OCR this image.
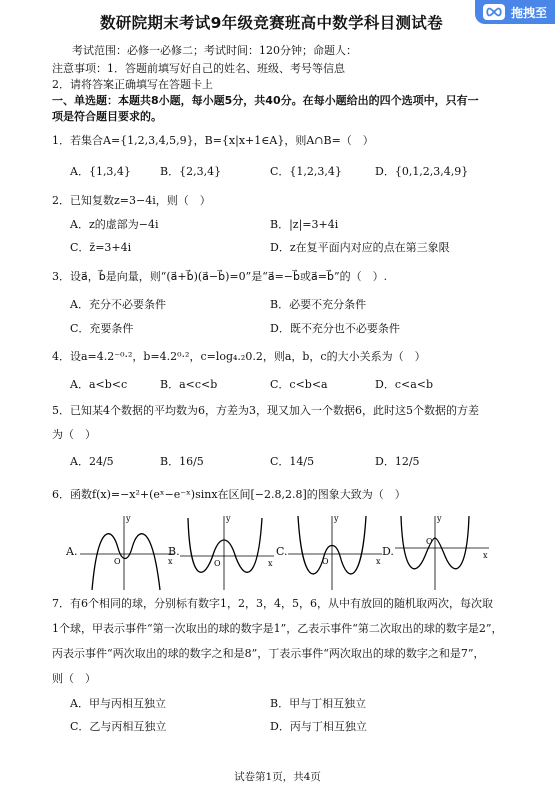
拖拽至
数研院期末考试9年级竞赛班高中数学科目测试卷
考试范围：必修一必修二；考试时间：120分钟；命题人：
注意事项：1．答题前填写好自己的姓名、班级、考号等信息
2．请将答案正确填写在答题卡上
一、单选题：本题共8小题，每小题5分，共40分。在每小题给出的四个选项中，只有一
项是符合题目要求的。
1．若集合A={1,2,3,4,5,9}，B={x|x+1∈A}，则A∩B=（　）
A．{1,3,4}	B．{2,3,4}	C．{1,2,3,4}	D．{0,1,2,3,4,9}
2．已知复数z=3−4i，则（　）
A．z的虚部为−4i	B．|z|=3+4i
C．z̄=3+4i	D．z在复平面内对应的点在第三象限
3．设a⃗，b⃗是向量，则“(a⃗+b⃗)(a⃗−b⃗)=0”是“a⃗=−b⃗或a⃗=b⃗”的（　）.
A．充分不必要条件	B．必要不充分条件
C．充要条件	D．既不充分也不必要条件
4．设a=4.2⁻⁰·²，b=4.2⁰·²，c=log₄.₂0.2，则a，b，c的大小关系为（　）
A．a<b<c	B．a<c<b	C．c<b<a	D．c<a<b
5．已知某4个数据的平均数为6，方差为3，现又加入一个数据6，此时这5个数据的方差
为（　）
A．24/5	B．16/5	C．14/5	D．12/5
6．函数f(x)=−x²+(eˣ−e⁻ˣ)sinx在区间[−2.8,2.8]的图象大致为（　）
A.
y
x
O
B.
y
x
O
C.
y
x
O
D.
y
x
O
7．有6个相同的球，分别标有数字1，2，3，4，5，6，从中有放回的随机取两次，每次取
1个球，甲表示事件“第一次取出的球的数字是1”，乙表示事件“第二次取出的球的数字是2”，
丙表示事件“两次取出的球的数字之和是8”，丁表示事件“两次取出的球的数字之和是7”，
则（　）
A．甲与丙相互独立	B．甲与丁相互独立
C．乙与丙相互独立	D．丙与丁相互独立
试卷第1页，共4页
